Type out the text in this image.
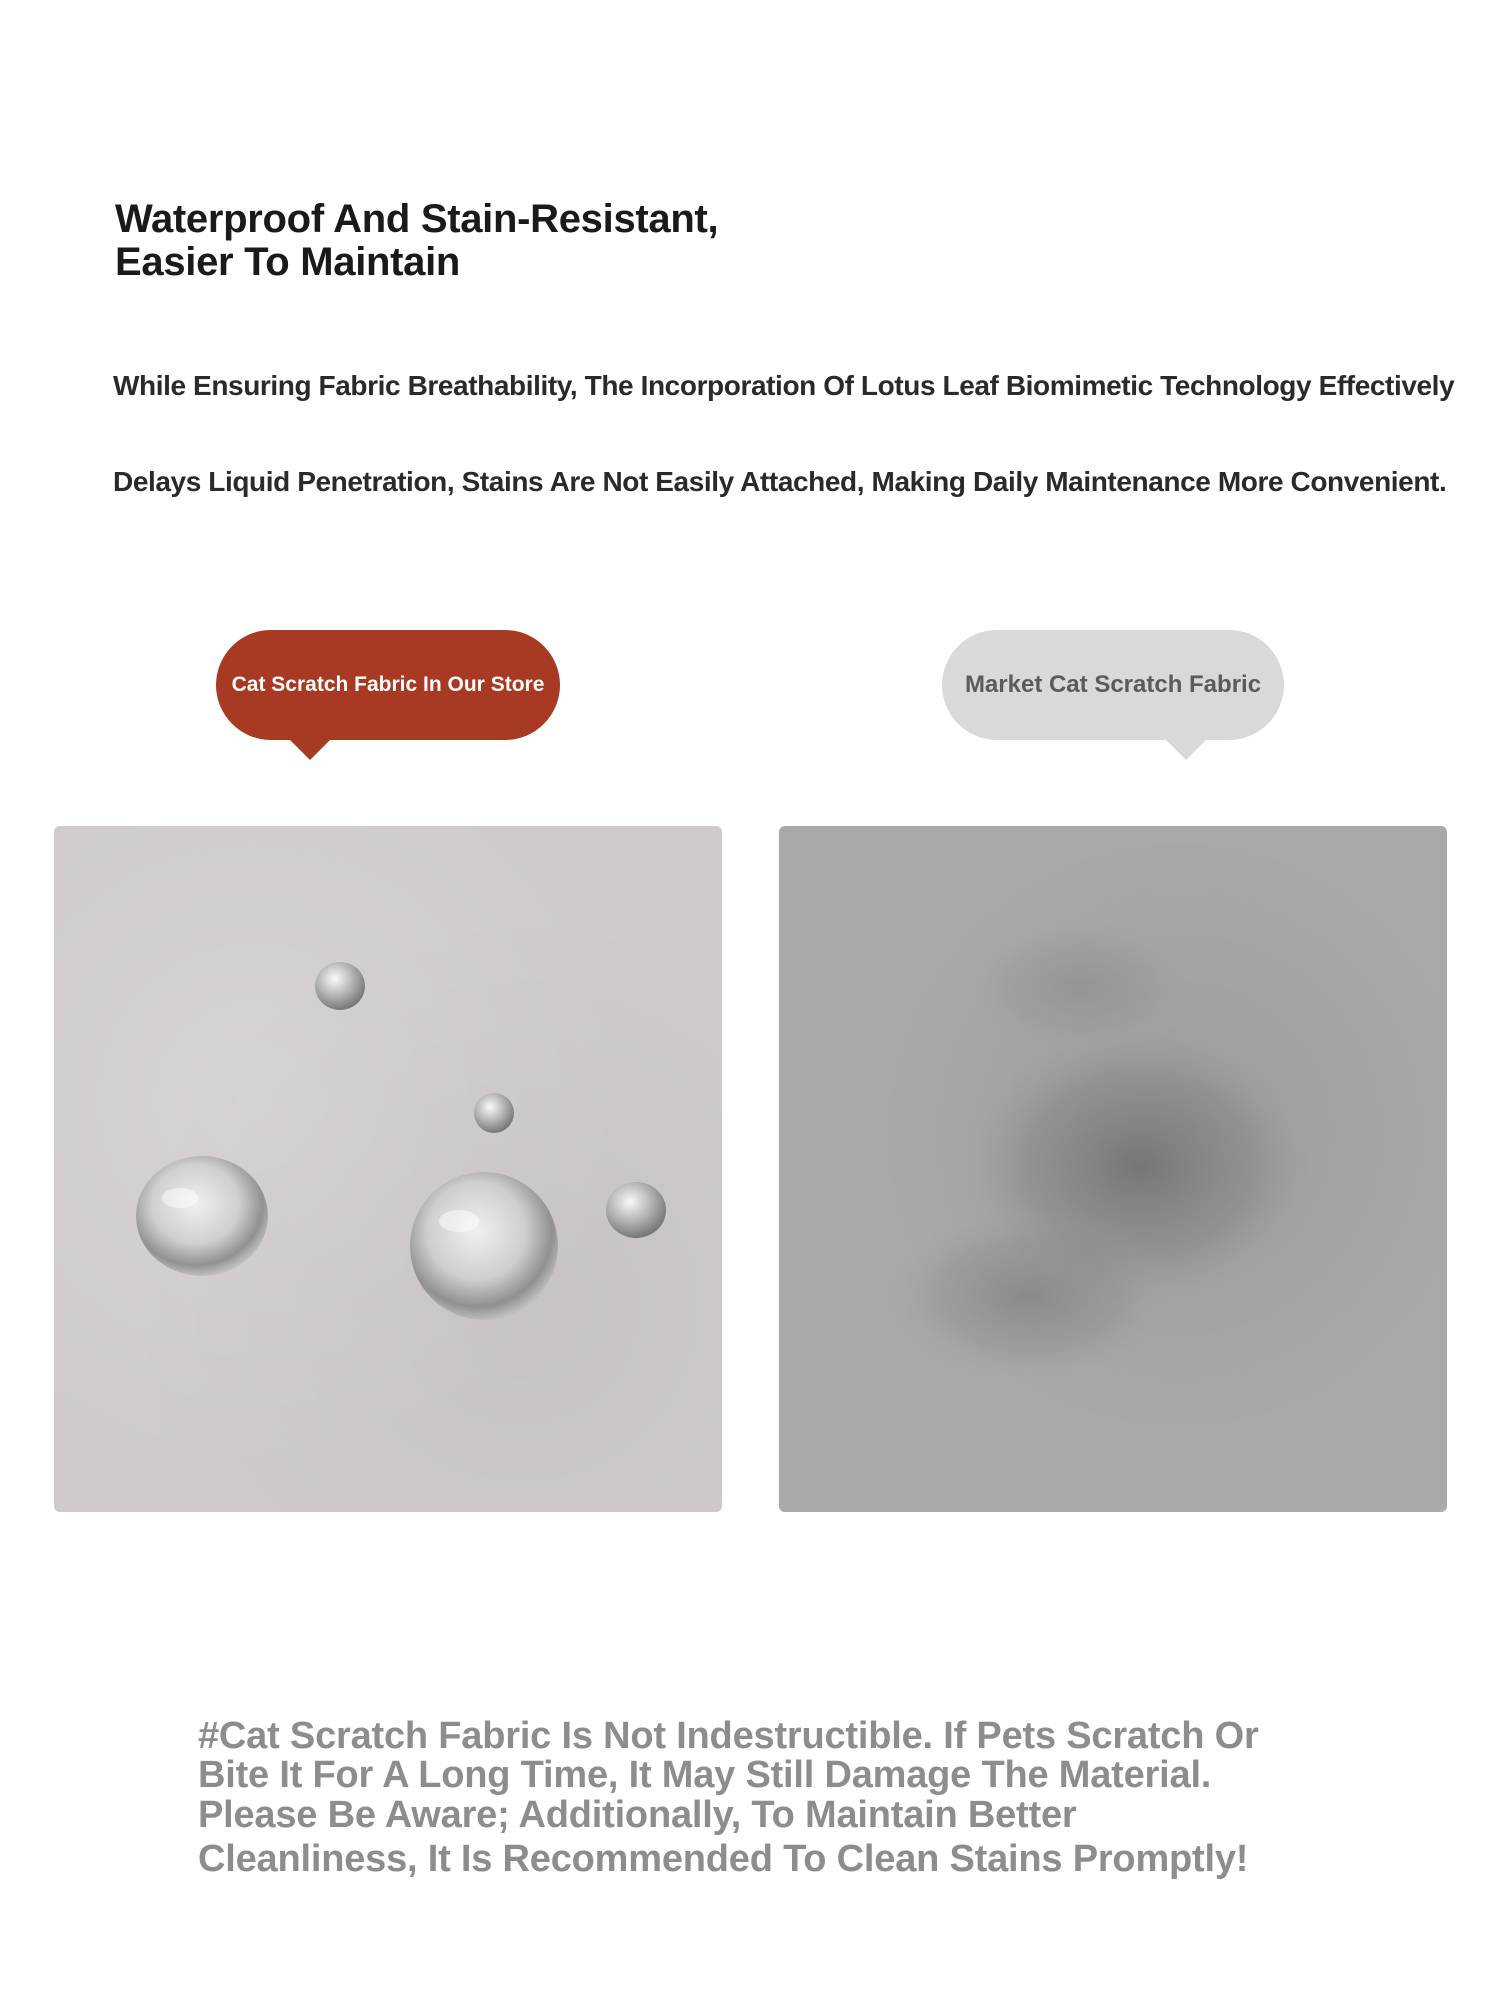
Waterproof And Stain-Resistant,
Easier To Maintain

While Ensuring Fabric Breathability, The Incorporation Of Lotus Leaf Biomimetic Technology Effectively

Delays Liquid Penetration, Stains Are Not Easily Attached, Making Daily Maintenance More Convenient.

Cat Scratch Fabric In Our Store	Market Cat Scratch Fabric

#Cat Scratch Fabric Is Not Indestructible. If Pets Scratch Or
Bite It For A Long Time, It May Still Damage The Material.
Please Be Aware; Additionally, To Maintain Better
Cleanliness, It Is Recommended To Clean Stains Promptly!
